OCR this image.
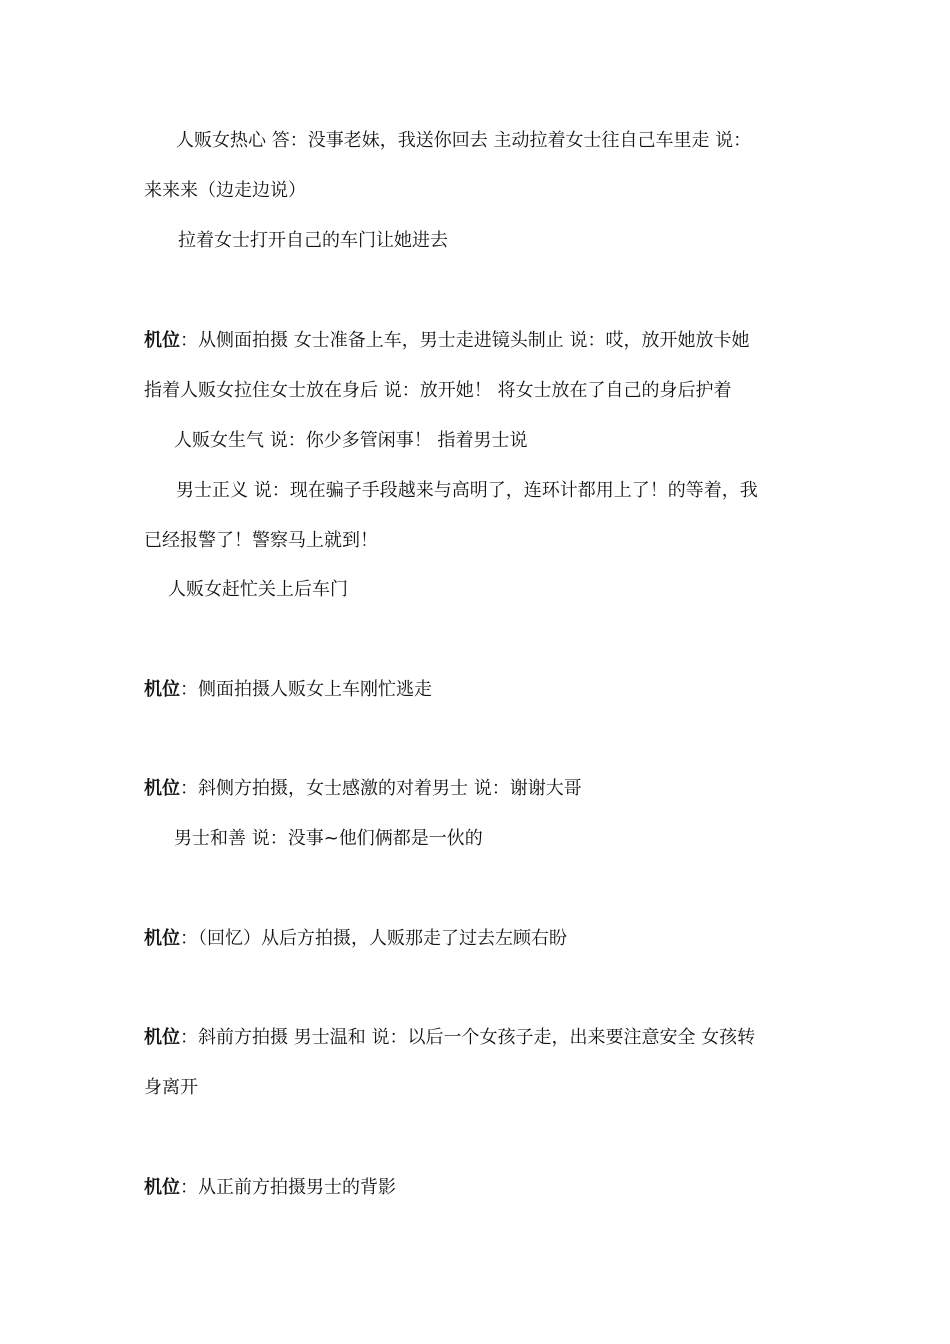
人贩女热心 答：没事老妹，我送你回去 主动拉着女士往自己车里走 说：
来来来（边走边说）
拉着女士打开自己的车门让她进去
机位：从侧面拍摄 女士准备上车，男士走进镜头制止 说：哎，放开她放卡她
指着人贩女拉住女士放在身后 说：放开她！ 将女士放在了自己的身后护着
人贩女生气 说：你少多管闲事！ 指着男士说
男士正义 说：现在骗子手段越来与高明了，连环计都用上了！的等着，我
已经报警了！警察马上就到！
人贩女赶忙关上后车门
机位：侧面拍摄人贩女上车刚忙逃走
机位：斜侧方拍摄，女士感激的对着男士 说：谢谢大哥
男士和善 说：没事~他们俩都是一伙的
机位：（回忆）从后方拍摄，人贩那走了过去左顾右盼
机位：斜前方拍摄 男士温和 说：以后一个女孩子走，出来要注意安全 女孩转
身离开
机位：从正前方拍摄男士的背影
